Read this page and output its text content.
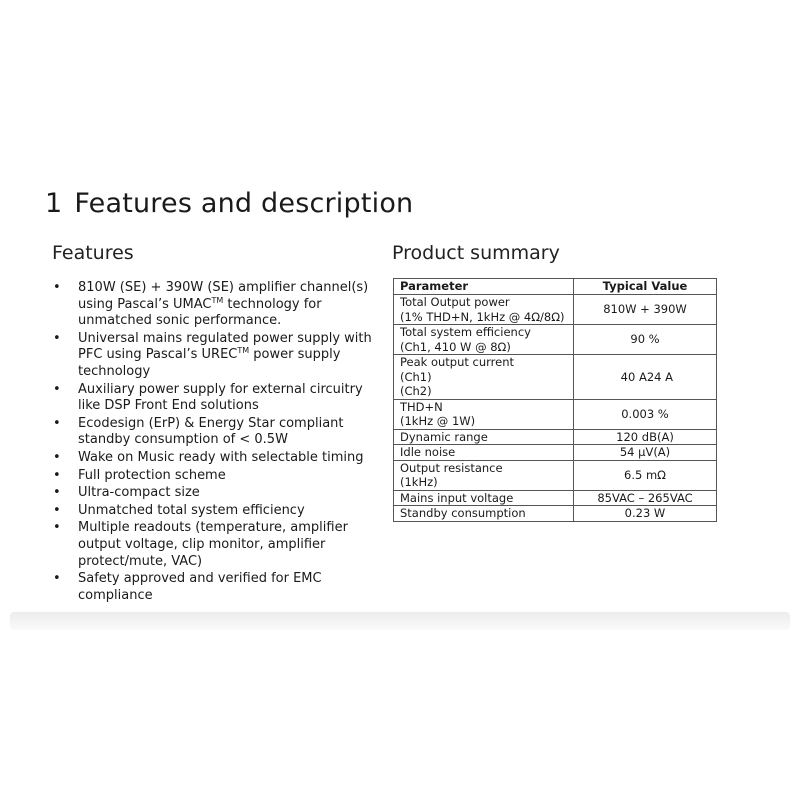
1 Features and description
Features	Product summary
• 810W (SE) + 390W (SE) amplifier channel(s) using Pascal’s UMAC™ technology for unmatched sonic performance.
• Universal mains regulated power supply with PFC using Pascal’s UREC™ power supply technology
• Auxiliary power supply for external circuitry like DSP Front End solutions
• Ecodesign (ErP) & Energy Star compliant standby consumption of < 0.5W
• Wake on Music ready with selectable timing
• Full protection scheme
• Ultra-compact size
• Unmatched total system efficiency
• Multiple readouts (temperature, amplifier output voltage, clip monitor, amplifier protect/mute, VAC)
• Safety approved and verified for EMC compliance
Parameter	Typical Value

Total Output power
(1% THD+N, 1kHz @ 4Ω/8Ω)	810W + 390W

Total system efficiency
(Ch1, 410 W @ 8Ω)	90 %

Peak output current
(Ch1)
(Ch2)	40 A24 A

THD+N
(1kHz @ 1W)	0.003 %

Dynamic range	120 dB(A)

Idle noise	54 µV(A)

Output resistance
(1kHz)	6.5 mΩ

Mains input voltage	85VAC – 265VAC

Standby consumption	0.23 W
